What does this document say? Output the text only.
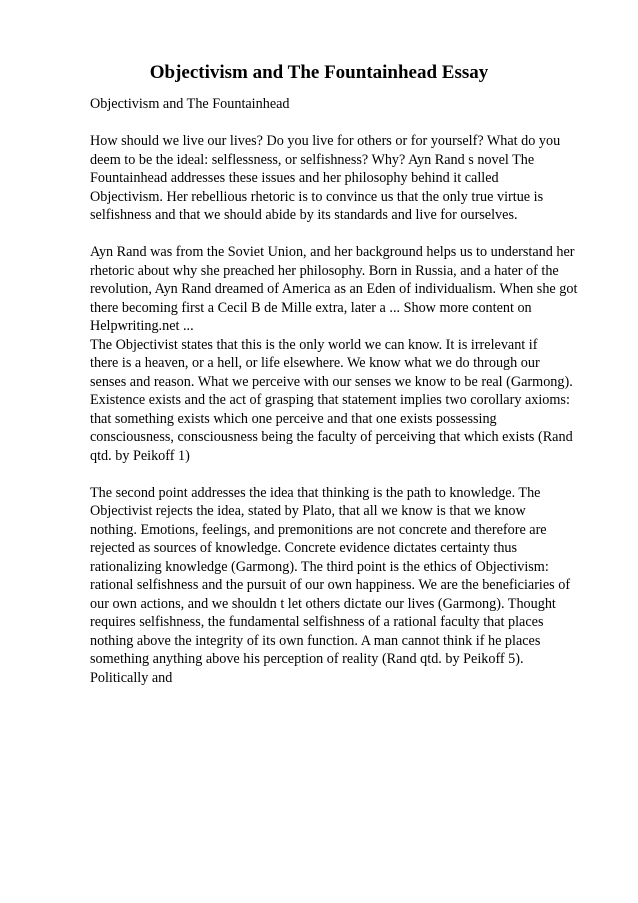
Objectivism and The Fountainhead Essay
Objectivism and The Fountainhead
How should we live our lives? Do you live for others or for yourself? What do you
deem to be the ideal: selflessness, or selfishness? Why? Ayn Rand s novel The
Fountainhead addresses these issues and her philosophy behind it called
Objectivism. Her rebellious rhetoric is to convince us that the only true virtue is
selfishness and that we should abide by its standards and live for ourselves.
Ayn Rand was from the Soviet Union, and her background helps us to understand her
rhetoric about why she preached her philosophy. Born in Russia, and a hater of the
revolution, Ayn Rand dreamed of America as an Eden of individualism. When she got
there becoming first a Cecil B de Mille extra, later a ... Show more content on
Helpwriting.net ...
The Objectivist states that this is the only world we can know. It is irrelevant if
there is a heaven, or a hell, or life elsewhere. We know what we do through our
senses and reason. What we perceive with our senses we know to be real (Garmong).
Existence exists and the act of grasping that statement implies two corollary axioms:
that something exists which one perceive and that one exists possessing
consciousness, consciousness being the faculty of perceiving that which exists (Rand
qtd. by Peikoff 1)
The second point addresses the idea that thinking is the path to knowledge. The
Objectivist rejects the idea, stated by Plato, that all we know is that we know
nothing. Emotions, feelings, and premonitions are not concrete and therefore are
rejected as sources of knowledge. Concrete evidence dictates certainty thus
rationalizing knowledge (Garmong). The third point is the ethics of Objectivism:
rational selfishness and the pursuit of our own happiness. We are the beneficiaries of
our own actions, and we shouldn t let others dictate our lives (Garmong). Thought
requires selfishness, the fundamental selfishness of a rational faculty that places
nothing above the integrity of its own function. A man cannot think if he places
something anything above his perception of reality (Rand qtd. by Peikoff 5).
Politically and
